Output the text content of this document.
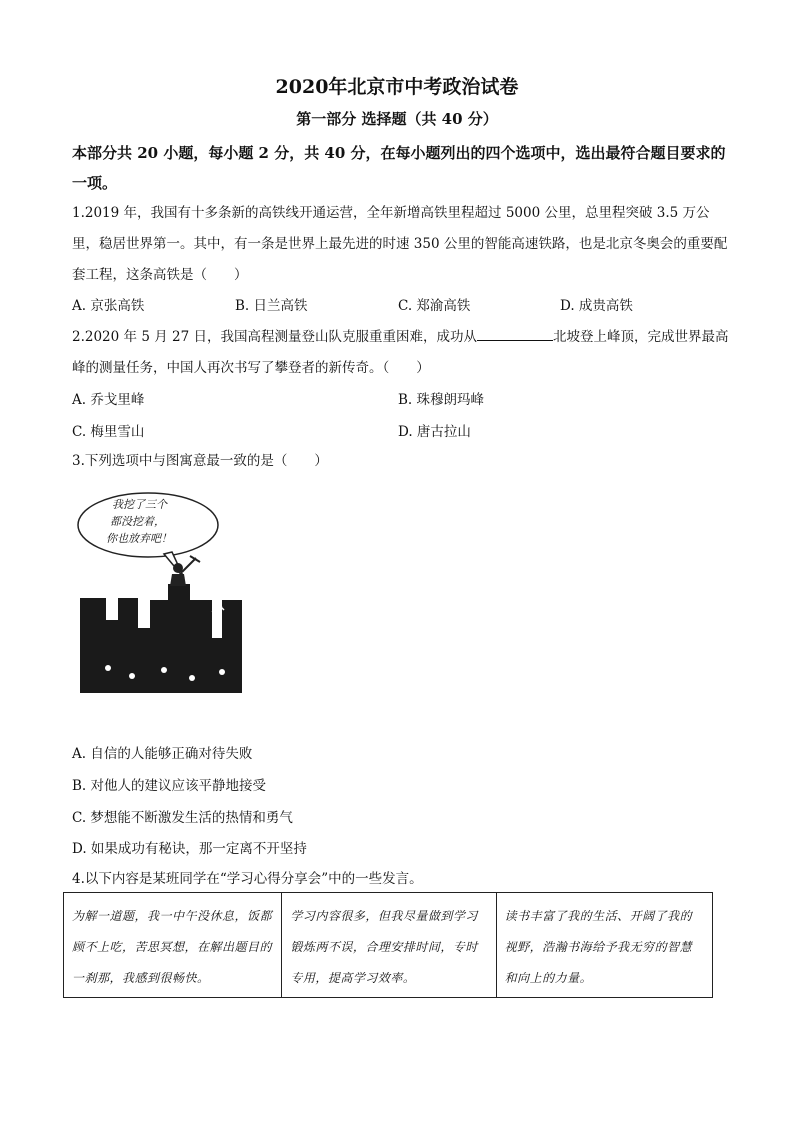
2020年北京市中考政治试卷
第一部分 选择题（共 40 分）
本部分共 20 小题，每小题 2 分，共 40 分，在每小题列出的四个选项中，选出最符合题目要求的一项。
1.2019 年，我国有十多条新的高铁线开通运营，全年新增高铁里程超过 5000 公里，总里程突破 3.5 万公里，稳居世界第一。其中，有一条是世界上最先进的时速 350 公里的智能高速铁路，也是北京冬奥会的重要配套工程，这条高铁是（　　）
A. 京张高铁	B. 日兰高铁	C. 郑渝高铁	D. 成贵高铁
2.2020 年 5 月 27 日，我国高程测量登山队克服重重困难，成功从	北坡登上峰顶，完成世界最高峰的测量任务，中国人再次书写了攀登者的新传奇。（　　）
A. 乔戈里峰	B. 珠穆朗玛峰
C. 梅里雪山	D. 唐古拉山
3.下列选项中与图寓意最一致的是（　　）
我挖了三个
都没挖着，
你也放弃吧！
A. 自信的人能够正确对待失败
B. 对他人的建议应该平静地接受
C. 梦想能不断激发生活的热情和勇气
D. 如果成功有秘诀，那一定离不开坚持
4.以下内容是某班同学在“学习心得分享会”中的一些发言。
为解一道题，我一中午没休息，饭都顾不上吃，苦思冥想，在解出题目的一刹那，我感到很畅快。
学习内容很多，但我尽量做到学习锻炼两不误，合理安排时间，专时专用，提高学习效率。
读书丰富了我的生活、开阔了我的视野，浩瀚书海给予我无穷的智慧和向上的力量。
